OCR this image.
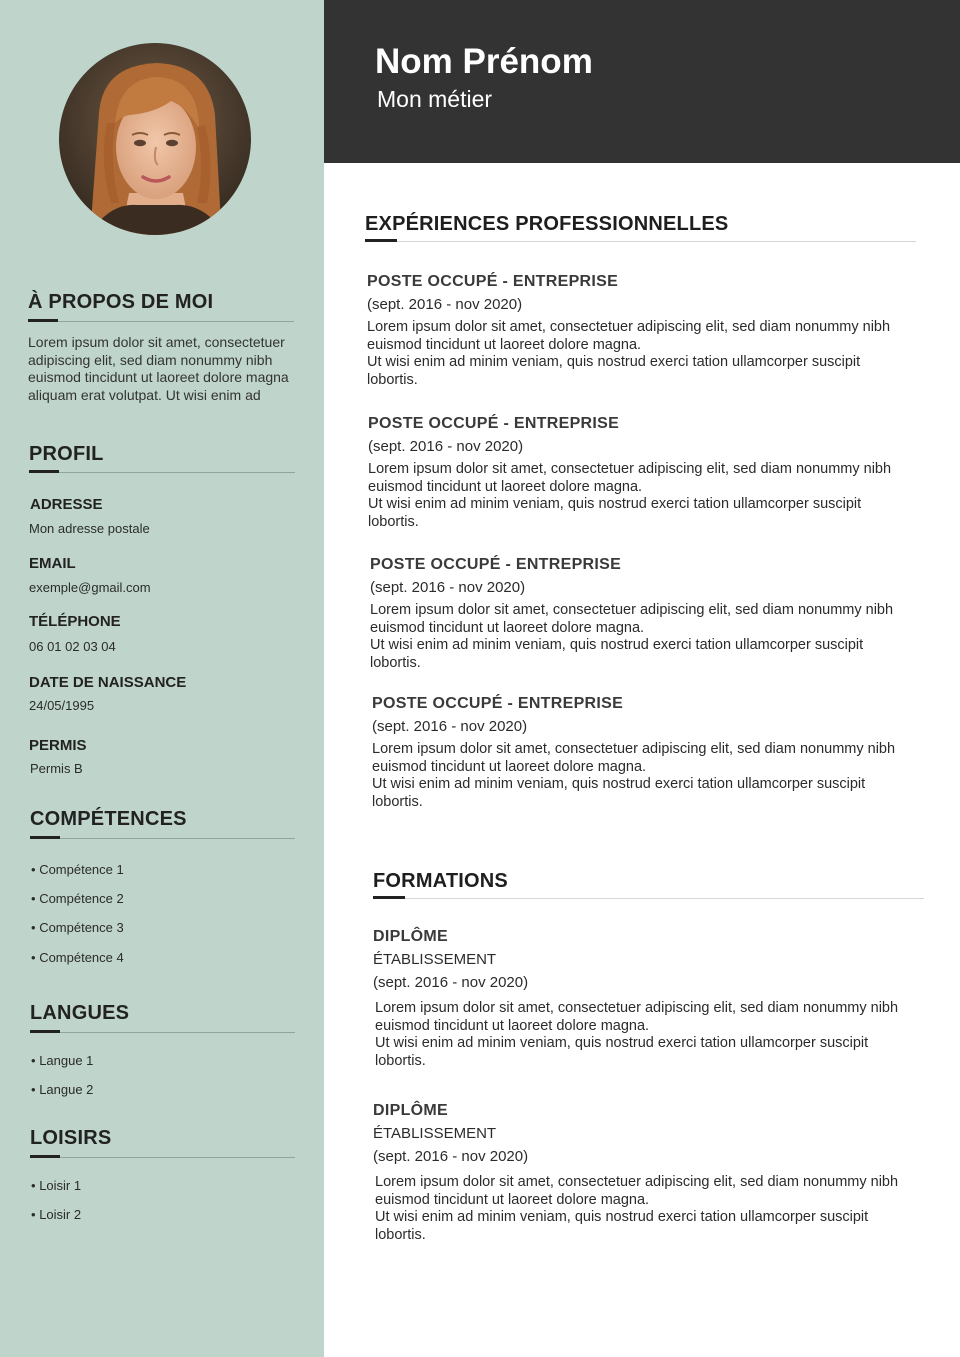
À PROPOS DE MOI
Lorem ipsum dolor sit amet, consectetuer adipiscing elit, sed diam nonummy nibh euismod tincidunt ut laoreet dolore magna aliquam erat volutpat. Ut wisi enim ad
PROFIL
ADRESSE
Mon adresse postale
EMAIL
exemple@gmail.com
TÉLÉPHONE
06 01 02 03 04
DATE DE NAISSANCE
24/05/1995
PERMIS
Permis B
COMPÉTENCES
• Compétence 1
• Compétence 2
• Compétence 3
• Compétence 4
LANGUES
• Langue 1
• Langue 2
LOISIRS
• Loisir 1
• Loisir 2
Nom Prénom
Mon métier
EXPÉRIENCES PROFESSIONNELLES
POSTE OCCUPÉ - ENTREPRISE
(sept. 2016 - nov 2020)
Lorem ipsum dolor sit amet, consectetuer adipiscing elit, sed diam nonummy nibh euismod tincidunt ut laoreet dolore magna.
Ut wisi enim ad minim veniam, quis nostrud exerci tation ullamcorper suscipit lobortis.
POSTE OCCUPÉ - ENTREPRISE
(sept. 2016 - nov 2020)
Lorem ipsum dolor sit amet, consectetuer adipiscing elit, sed diam nonummy nibh euismod tincidunt ut laoreet dolore magna.
Ut wisi enim ad minim veniam, quis nostrud exerci tation ullamcorper suscipit lobortis.
POSTE OCCUPÉ - ENTREPRISE
(sept. 2016 - nov 2020)
Lorem ipsum dolor sit amet, consectetuer adipiscing elit, sed diam nonummy nibh euismod tincidunt ut laoreet dolore magna.
Ut wisi enim ad minim veniam, quis nostrud exerci tation ullamcorper suscipit lobortis.
POSTE OCCUPÉ - ENTREPRISE
(sept. 2016 - nov 2020)
Lorem ipsum dolor sit amet, consectetuer adipiscing elit, sed diam nonummy nibh euismod tincidunt ut laoreet dolore magna.
Ut wisi enim ad minim veniam, quis nostrud exerci tation ullamcorper suscipit lobortis.
FORMATIONS
DIPLÔME
ÉTABLISSEMENT
(sept. 2016 - nov 2020)
Lorem ipsum dolor sit amet, consectetuer adipiscing elit, sed diam nonummy nibh euismod tincidunt ut laoreet dolore magna.
Ut wisi enim ad minim veniam, quis nostrud exerci tation ullamcorper suscipit lobortis.
DIPLÔME
ÉTABLISSEMENT
(sept. 2016 - nov 2020)
Lorem ipsum dolor sit amet, consectetuer adipiscing elit, sed diam nonummy nibh euismod tincidunt ut laoreet dolore magna.
Ut wisi enim ad minim veniam, quis nostrud exerci tation ullamcorper suscipit lobortis.
